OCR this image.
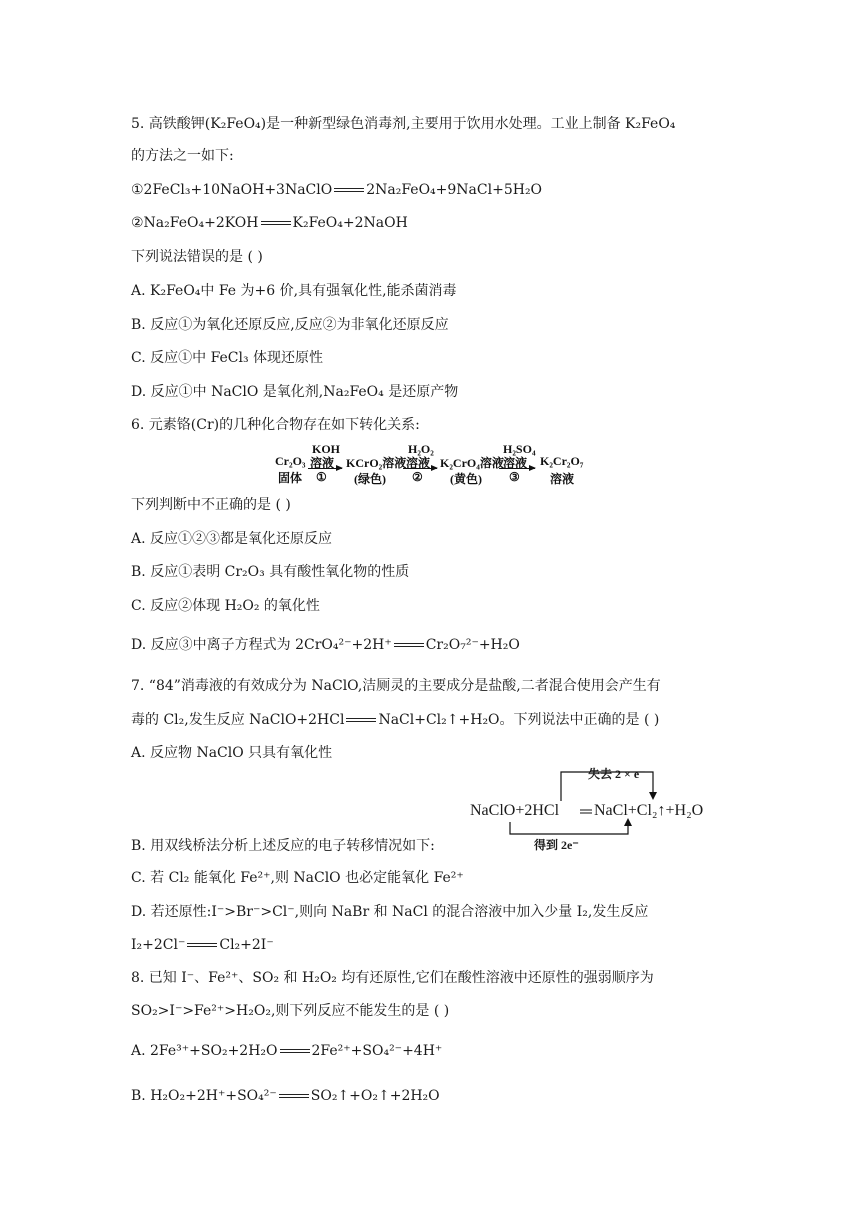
5. 高铁酸钾(K₂FeO₄)是一种新型绿色消毒剂,主要用于饮用水处理。工业上制备 K₂FeO₄
的方法之一如下:
①2FeCl₃+10NaOH+3NaClO 2Na₂FeO₄+9NaCl+5H₂O
②Na₂FeO₄+2KOH K₂FeO₄+2NaOH
下列说法错误的是 ( )
A. K₂FeO₄中 Fe 为+6 价,具有强氧化性,能杀菌消毒
B. 反应①为氧化还原反应,反应②为非氧化还原反应
C. 反应①中 FeCl₃ 体现还原性
D. 反应①中 NaClO 是氧化剂,Na₂FeO₄ 是还原产物
6. 元素铬(Cr)的几种化合物存在如下转化关系:
Cr₂O₃
固体
KOH
溶液
①
KCrO₂溶液
(绿色)
H₂O₂
溶液
②
K₂CrO₄溶液
(黄色)
H₂SO₄
溶液
③
K₂Cr₂O₇
溶液
下列判断中不正确的是 ( )
A. 反应①②③都是氧化还原反应
B. 反应①表明 Cr₂O₃ 具有酸性氧化物的性质
C. 反应②体现 H₂O₂ 的氧化性
D. 反应③中离子方程式为 2CrO₄²⁻+2H⁺ Cr₂O₇²⁻+H₂O
7. “84”消毒液的有效成分为 NaClO,洁厕灵的主要成分是盐酸,二者混合使用会产生有
毒的 Cl₂,发生反应 NaClO+2HCl NaCl+Cl₂↑+H₂O。下列说法中正确的是 ( )
A. 反应物 NaClO 只具有氧化性
失去 2 × e⁻
NaClO+2HCl NaCl+Cl₂↑+H₂O
得到 2e⁻
B. 用双线桥法分析上述反应的电子转移情况如下:
C. 若 Cl₂ 能氧化 Fe²⁺,则 NaClO 也必定能氧化 Fe²⁺
D. 若还原性:I⁻>Br⁻>Cl⁻,则向 NaBr 和 NaCl 的混合溶液中加入少量 I₂,发生反应
I₂+2Cl⁻ Cl₂+2I⁻
8. 已知 I⁻、Fe²⁺、SO₂ 和 H₂O₂ 均有还原性,它们在酸性溶液中还原性的强弱顺序为
SO₂>I⁻>Fe²⁺>H₂O₂,则下列反应不能发生的是 ( )
A. 2Fe³⁺+SO₂+2H₂O 2Fe²⁺+SO₄²⁻+4H⁺
B. H₂O₂+2H⁺+SO₄²⁻ SO₂↑+O₂↑+2H₂O
